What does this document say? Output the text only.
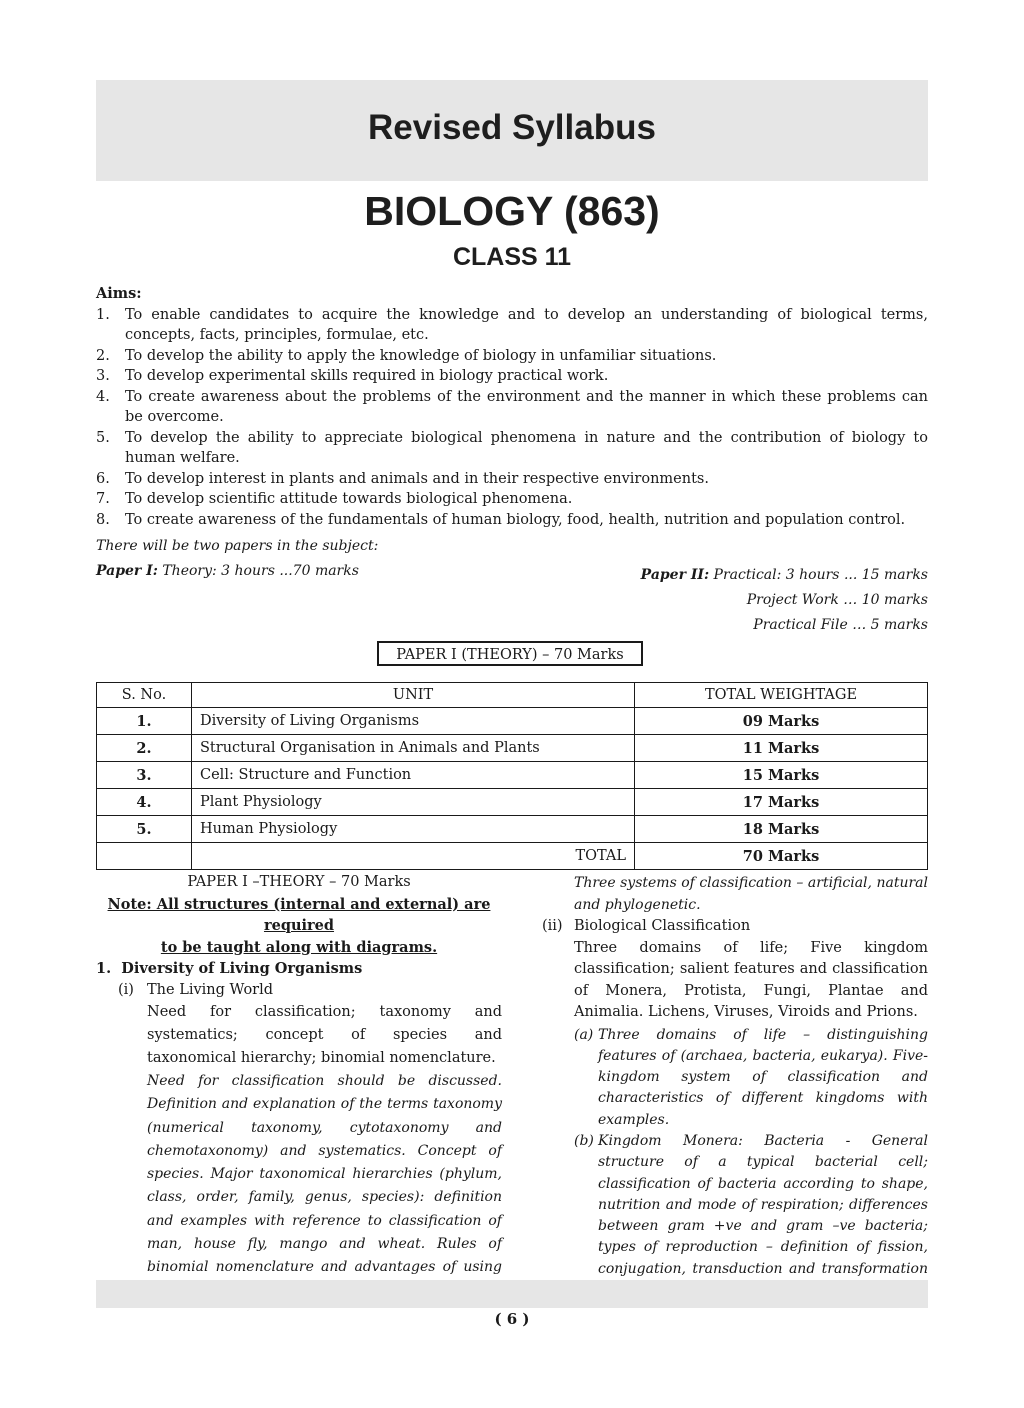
Revised Syllabus
BIOLOGY (863)
CLASS 11
Aims:
1. To enable candidates to acquire the knowledge and to develop an understanding of biological terms, concepts, facts, principles, formulae, etc.
2. To develop the ability to apply the knowledge of biology in unfamiliar situations.
3. To develop experimental skills required in biology practical work.
4. To create awareness about the problems of the environment and the manner in which these problems can be overcome.
5. To develop the ability to appreciate biological phenomena in nature and the contribution of biology to human welfare.
6. To develop interest in plants and animals and in their respective environments.
7. To develop scientific attitude towards biological phenomena.
8. To create awareness of the fundamentals of human biology, food, health, nutrition and population control.
There will be two papers in the subject:
Paper I: Theory: 3 hours ...70 marks	Paper II: Practical: 3 hours ... 15 marks
Project Work … 10 marks
Practical File … 5 marks
PAPER I (THEORY) – 70 Marks
S. No.	UNIT	TOTAL WEIGHTAGE
1.	Diversity of Living Organisms	09 Marks
2.	Structural Organisation in Animals and Plants	11 Marks
3.	Cell: Structure and Function	15 Marks
4.	Plant Physiology	17 Marks
5.	Human Physiology	18 Marks
	TOTAL	70 Marks
PAPER I –THEORY – 70 Marks
Note: All structures (internal and external) are required
to be taught along with diagrams.
1. Diversity of Living Organisms
(i) The Living World
Need for classification; taxonomy and systematics; concept of species and taxonomical hierarchy; binomial nomenclature.
Need for classification should be discussed. Definition and explanation of the terms taxonomy (numerical taxonomy, cytotaxonomy and chemotaxonomy) and systematics. Concept of species. Major taxonomical hierarchies (phylum, class, order, family, genus, species): definition and examples with reference to classification of man, house fly, mango and wheat. Rules of binomial nomenclature and advantages of using
Three systems of classification – artificial, natural and phylogenetic.
(ii) Biological Classification
Three domains of life; Five kingdom classification; salient features and classification of Monera, Protista, Fungi, Plantae and Animalia. Lichens, Viruses, Viroids and Prions.
(a) Three domains of life – distinguishing features of (archaea, bacteria, eukarya). Five-kingdom system of classification and characteristics of different kingdoms with examples.
(b) Kingdom Monera: Bacteria - General structure of a typical bacterial cell; classification of bacteria according to shape, nutrition and mode of respiration; differences between gram +ve and gram –ve bacteria; types of reproduction – definition of fission, conjugation, transduction and transformation
( 6 )
